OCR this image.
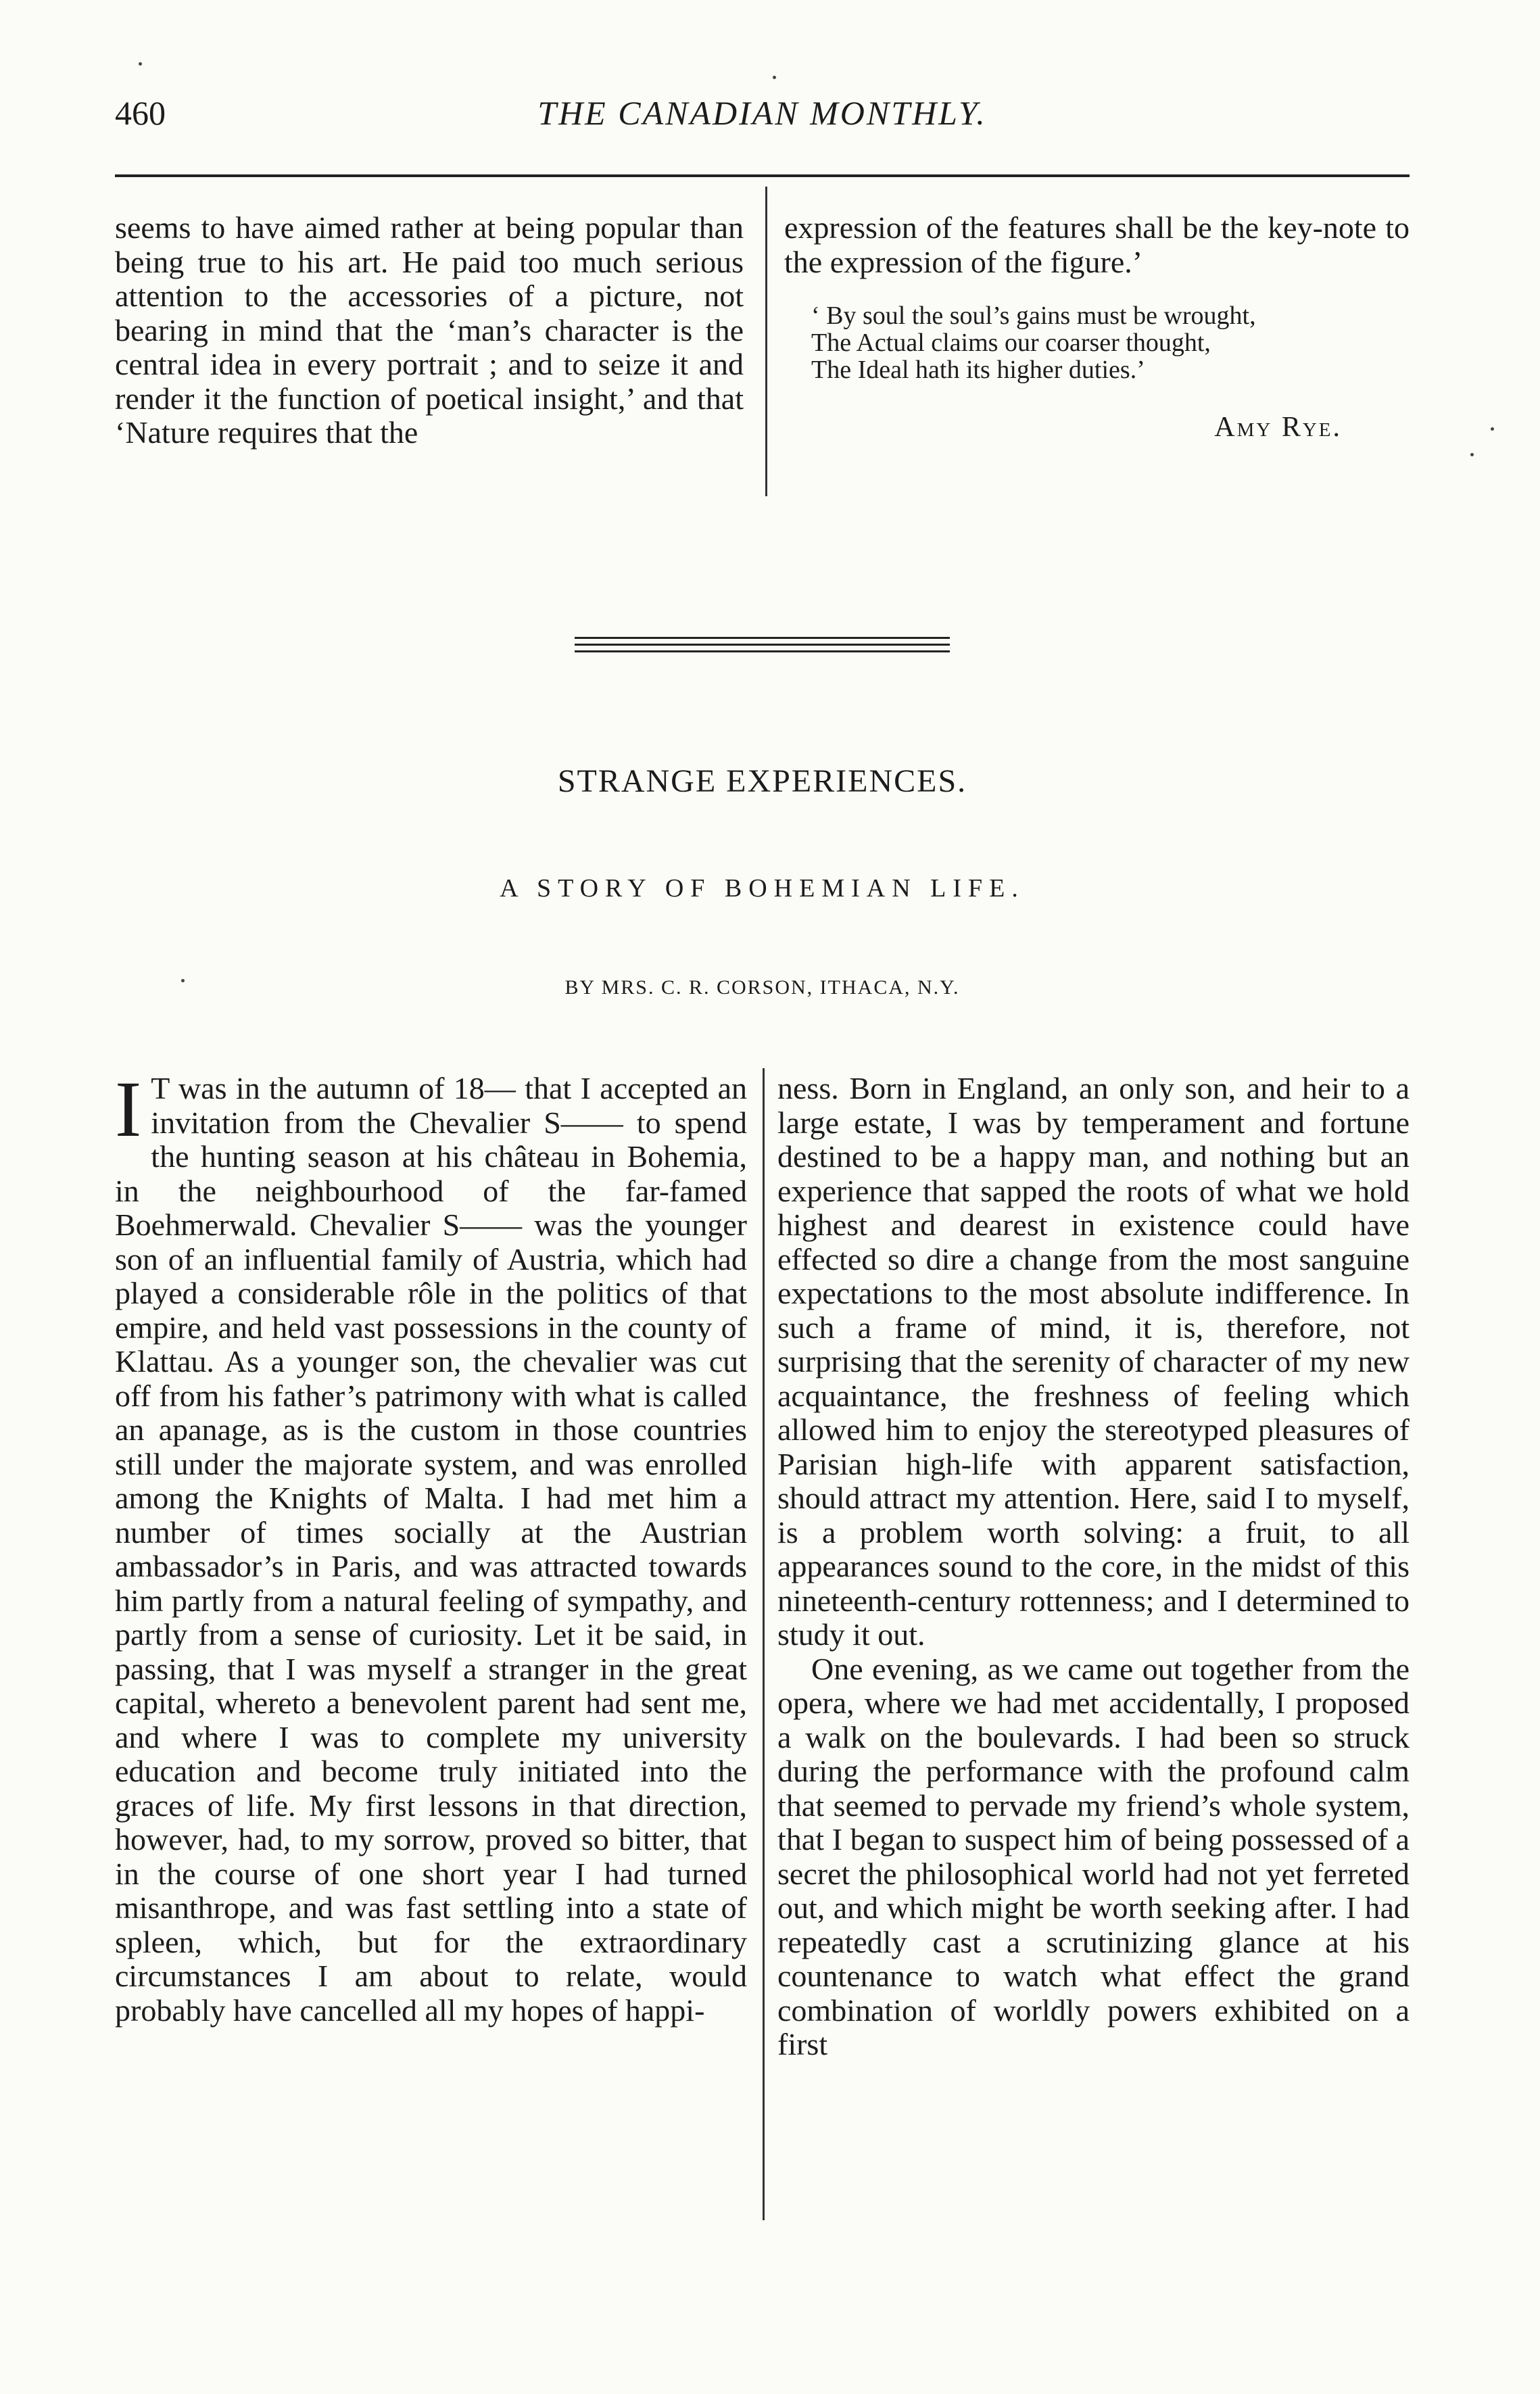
460	THE CANADIAN MONTHLY.

seems to have aimed rather at being popular than being true to his art. He paid too much serious attention to the accessories of a picture, not bearing in mind that the ‘man’s character is the central idea in every portrait ; and to seize it and render it the function of poetical insight,’ and that ‘Nature requires that the

expression of the features shall be the key-note to the expression of the figure.’

‘ By soul the soul’s gains must be wrought,
The Actual claims our coarser thought,
The Ideal hath its higher duties.’
Amy Rye.
STRANGE EXPERIENCES.
A STORY OF BOHEMIAN LIFE.
BY MRS. C. R. CORSON, ITHACA, N.Y.
I T was in the autumn of 18— that I accepted an invitation from the Chevalier S—— to spend the hunting season at his château in Bohemia, in the neighbourhood of the far-famed Boehmerwald. Chevalier S—— was the younger son of an influential family of Austria, which had played a considerable rôle in the politics of that empire, and held vast possessions in the county of Klattau. As a younger son, the chevalier was cut off from his father’s patrimony with what is called an apanage, as is the custom in those countries still under the majorate system, and was enrolled among the Knights of Malta. I had met him a number of times socially at the Austrian ambassador’s in Paris, and was attracted towards him partly from a natural feeling of sympathy, and partly from a sense of curiosity. Let it be said, in passing, that I was myself a stranger in the great capital, whereto a benevolent parent had sent me, and where I was to complete my university education and become truly initiated into the graces of life. My first lessons in that direction, however, had, to my sorrow, proved so bitter, that in the course of one short year I had turned misanthrope, and was fast settling into a state of spleen, which, but for the extraordinary circumstances I am about to relate, would probably have cancelled all my hopes of happi-

ness. Born in England, an only son, and heir to a large estate, I was by temperament and fortune destined to be a happy man, and nothing but an experience that sapped the roots of what we hold highest and dearest in existence could have effected so dire a change from the most sanguine expectations to the most absolute indifference. In such a frame of mind, it is, therefore, not surprising that the serenity of character of my new acquaintance, the freshness of feeling which allowed him to enjoy the stereotyped pleasures of Parisian high-life with apparent satisfaction, should attract my attention. Here, said I to myself, is a problem worth solving: a fruit, to all appearances sound to the core, in the midst of this nineteenth-century rottenness; and I determined to study it out.

One evening, as we came out together from the opera, where we had met accidentally, I proposed a walk on the boulevards. I had been so struck during the performance with the profound calm that seemed to pervade my friend’s whole system, that I began to suspect him of being possessed of a secret the philosophical world had not yet ferreted out, and which might be worth seeking after. I had repeatedly cast a scrutinizing glance at his countenance to watch what effect the grand combination of worldly powers exhibited on a first
